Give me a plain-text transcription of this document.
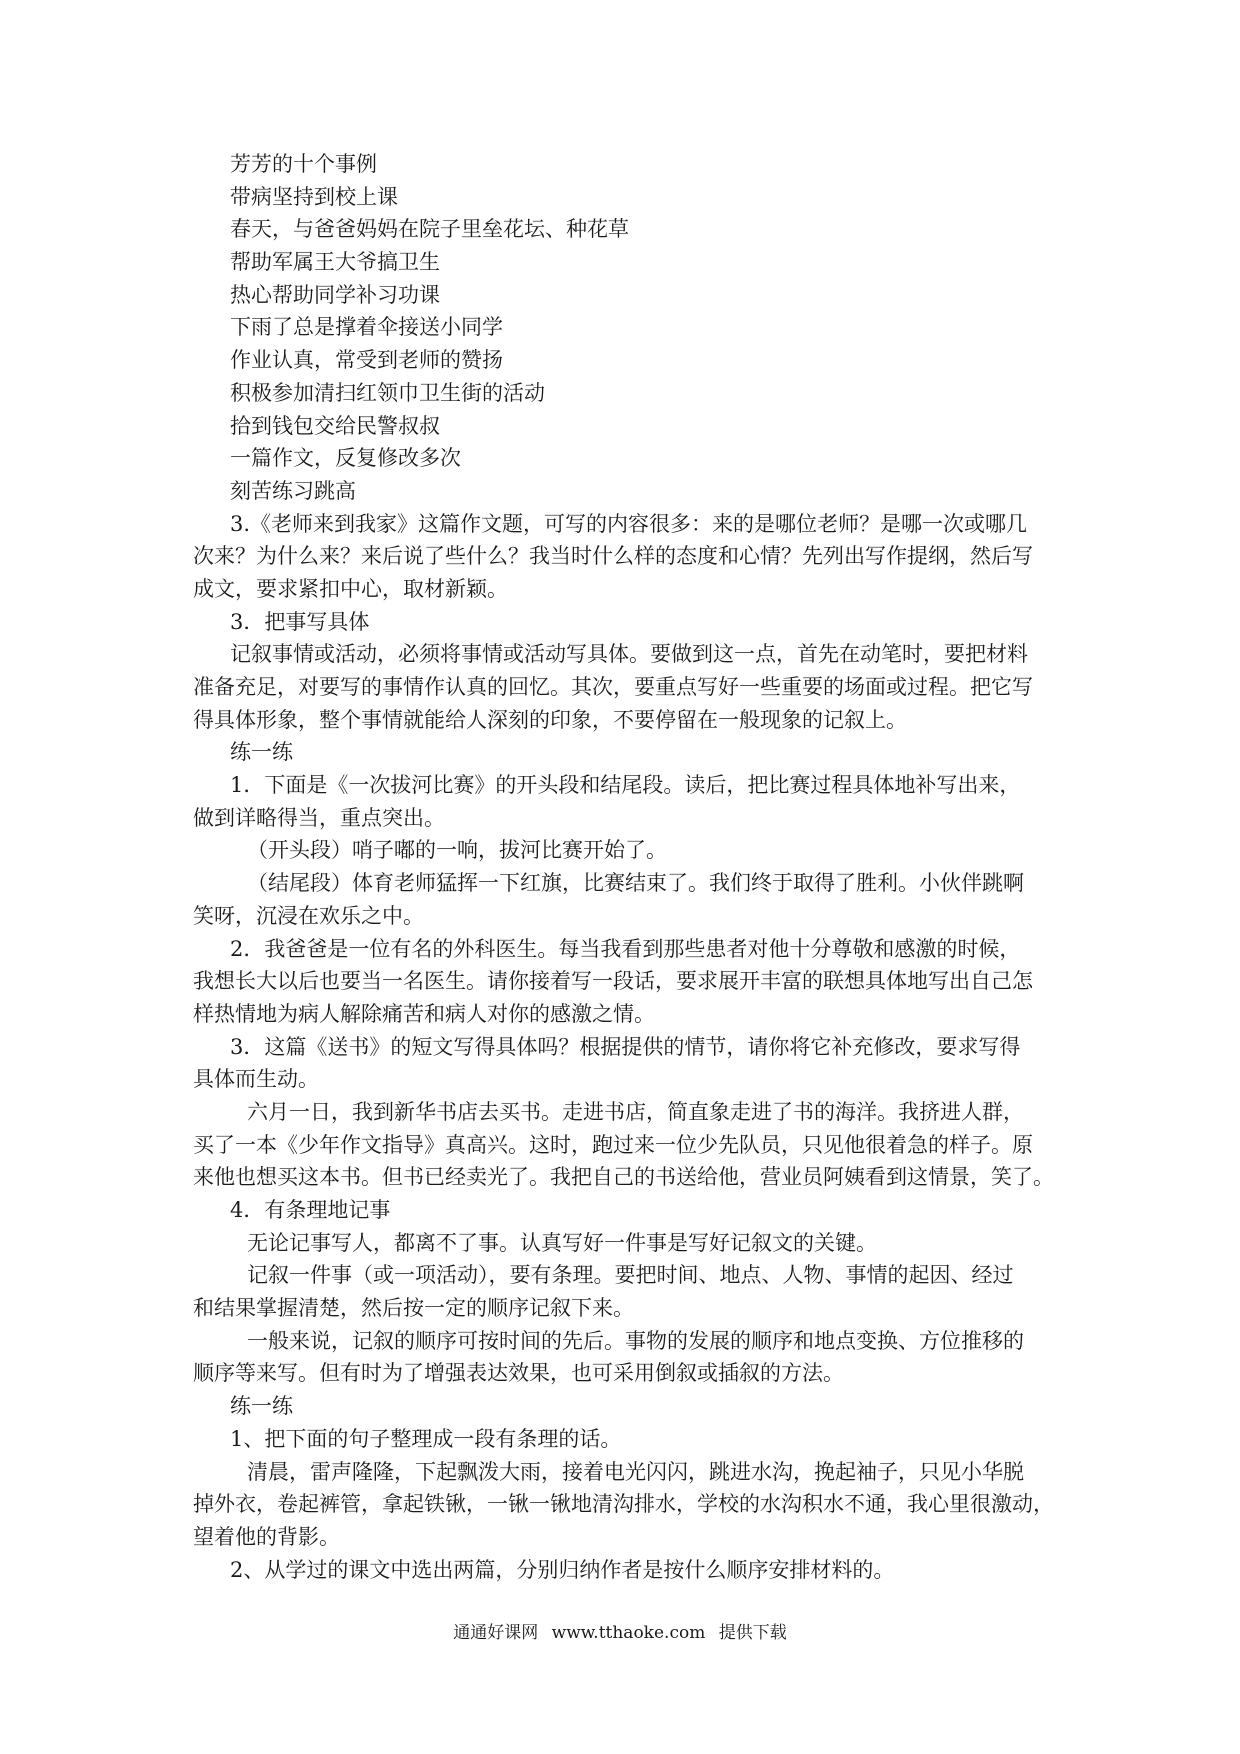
芳芳的十个事例
带病坚持到校上课
春天，与爸爸妈妈在院子里垒花坛、种花草
帮助军属王大爷搞卫生
热心帮助同学补习功课
下雨了总是撑着伞接送小同学
作业认真，常受到老师的赞扬
积极参加清扫红领巾卫生街的活动
拾到钱包交给民警叔叔
一篇作文，反复修改多次
刻苦练习跳高
3.《老师来到我家》这篇作文题，可写的内容很多：来的是哪位老师？是哪一次或哪几
次来？为什么来？来后说了些什么？我当时什么样的态度和心情？先列出写作提纲，然后写
成文，要求紧扣中心，取材新颖。
3．把事写具体
记叙事情或活动，必须将事情或活动写具体。要做到这一点，首先在动笔时，要把材料
准备充足，对要写的事情作认真的回忆。其次，要重点写好一些重要的场面或过程。把它写
得具体形象，整个事情就能给人深刻的印象，不要停留在一般现象的记叙上。
练一练
1．下面是《一次拔河比赛》的开头段和结尾段。读后，把比赛过程具体地补写出来，
做到详略得当，重点突出。
（开头段）哨子嘟的一响，拔河比赛开始了。
（结尾段）体育老师猛挥一下红旗，比赛结束了。我们终于取得了胜利。小伙伴跳啊
笑呀，沉浸在欢乐之中。
2．我爸爸是一位有名的外科医生。每当我看到那些患者对他十分尊敬和感激的时候，
我想长大以后也要当一名医生。请你接着写一段话，要求展开丰富的联想具体地写出自己怎
样热情地为病人解除痛苦和病人对你的感激之情。
3．这篇《送书》的短文写得具体吗？根据提供的情节，请你将它补充修改，要求写得
具体而生动。
六月一日，我到新华书店去买书。走进书店，简直象走进了书的海洋。我挤进人群，
买了一本《少年作文指导》真高兴。这时，跑过来一位少先队员，只见他很着急的样子。原
来他也想买这本书。但书已经卖光了。我把自己的书送给他，营业员阿姨看到这情景，笑了。
4．有条理地记事
无论记事写人，都离不了事。认真写好一件事是写好记叙文的关键。
记叙一件事（或一项活动），要有条理。要把时间、地点、人物、事情的起因、经过
和结果掌握清楚，然后按一定的顺序记叙下来。
一般来说，记叙的顺序可按时间的先后。事物的发展的顺序和地点变换、方位推移的
顺序等来写。但有时为了增强表达效果，也可采用倒叙或插叙的方法。
练一练
1、把下面的句子整理成一段有条理的话。
清晨，雷声隆隆，下起飘泼大雨，接着电光闪闪，跳进水沟，挽起袖子，只见小华脱
掉外衣，卷起裤管，拿起铁锹，一锹一锹地清沟排水，学校的水沟积水不通，我心里很激动，
望着他的背影。
2、从学过的课文中选出两篇，分别归纳作者是按什么顺序安排材料的。
通通好课网 www.tthaoke.com 提供下载
